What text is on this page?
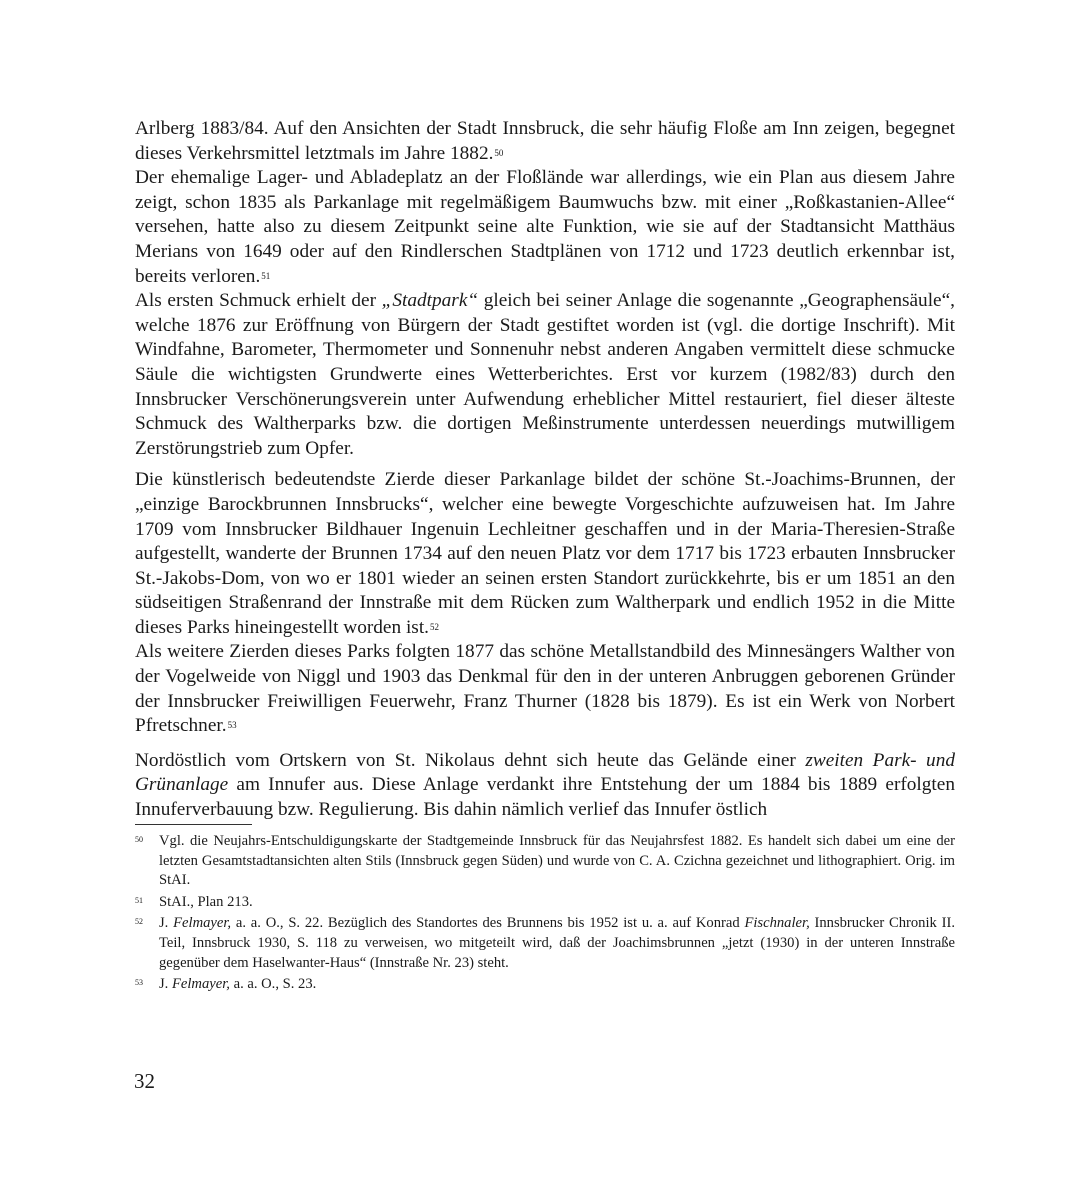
Arlberg 1883/84. Auf den Ansichten der Stadt Innsbruck, die sehr häufig Floße am Inn zeigen, begegnet dieses Verkehrsmittel letztmals im Jahre 1882.50

Der ehemalige Lager- und Abladeplatz an der Floßlände war allerdings, wie ein Plan aus diesem Jahre zeigt, schon 1835 als Parkanlage mit regelmäßigem Baumwuchs bzw. mit einer „Roßkastanien-Allee“ versehen, hatte also zu diesem Zeitpunkt seine alte Funktion, wie sie auf der Stadtansicht Matthäus Merians von 1649 oder auf den Rindlerschen Stadtplänen von 1712 und 1723 deutlich erkennbar ist, bereits verloren.$^{51}$

Als ersten Schmuck erhielt der „Stadtpark“ gleich bei seiner Anlage die sogenannte „Geographensäule“, welche 1876 zur Eröffnung von Bürgern der Stadt gestiftet worden ist (vgl. die dortige Inschrift). Mit Windfahne, Barometer, Thermometer und Sonnenuhr nebst anderen Angaben vermittelt diese schmucke Säule die wichtigsten Grundwerte eines Wetterberichtes. Erst vor kurzem (1982/83) durch den Innsbrucker Verschönerungsverein unter Aufwendung erheblicher Mittel restauriert, fiel dieser älteste Schmuck des Waltherparks bzw. die dortigen Meßinstrumente unterdessen neuerdings mutwilligem Zerstörungstrieb zum Opfer.

Die künstlerisch bedeutendste Zierde dieser Parkanlage bildet der schöne St.-Joachims-Brunnen, der „einzige Barockbrunnen Innsbrucks“, welcher eine bewegte Vorgeschichte aufzuweisen hat. Im Jahre 1709 vom Innsbrucker Bildhauer Ingenuin Lechleitner geschaffen und in der Maria-Theresien-Straße aufgestellt, wanderte der Brunnen 1734 auf den neuen Platz vor dem 1717 bis 1723 erbauten Innsbrucker St.-Jakobs-Dom, von wo er 1801 wieder an seinen ersten Standort zurückkehrte, bis er um 1851 an den südseitigen Straßenrand der Innstraße mit dem Rücken zum Waltherpark und endlich 1952 in die Mitte dieses Parks hineingestellt worden ist.$^{52}$

Als weitere Zierden dieses Parks folgten 1877 das schöne Metallstandbild des Minnesängers Walther von der Vogelweide von Niggl und 1903 das Denkmal für den in der unteren Anbruggen geborenen Gründer der Innsbrucker Freiwilligen Feuerwehr, Franz Thurner (1828 bis 1879). Es ist ein Werk von Norbert Pfretschner.$^{53}$

Nordöstlich vom Ortskern von St. Nikolaus dehnt sich heute das Gelände einer zweiten Park- und Grünanlage am Innufer aus. Diese Anlage verdankt ihre Entstehung der um 1884 bis 1889 erfolgten Innuferverbauung bzw. Regulierung. Bis dahin nämlich verlief das Innufer östlich

50	Vgl. die Neujahrs-Entschuldigungskarte der Stadtgemeinde Innsbruck für das Neujahrsfest 1882. Es handelt sich dabei um eine der letzten Gesamtstadtansichten alten Stils (Innsbruck gegen Süden) und wurde von C. A. Czichna gezeichnet und lithographiert. Orig. im StAI.
51	StAI., Plan 213.
52	J. Felmayer, a. a. O., S. 22. Bezüglich des Standortes des Brunnens bis 1952 ist u. a. auf Konrad Fischnaler, Innsbrucker Chronik II. Teil, Innsbruck 1930, S. 118 zu verweisen, wo mitgeteilt wird, daß der Joachimsbrunnen „jetzt (1930) in der unteren Innstraße gegenüber dem Haselwanter-Haus“ (Innstraße Nr. 23) steht.
53	J. Felmayer, a. a. O., S. 23.
32
